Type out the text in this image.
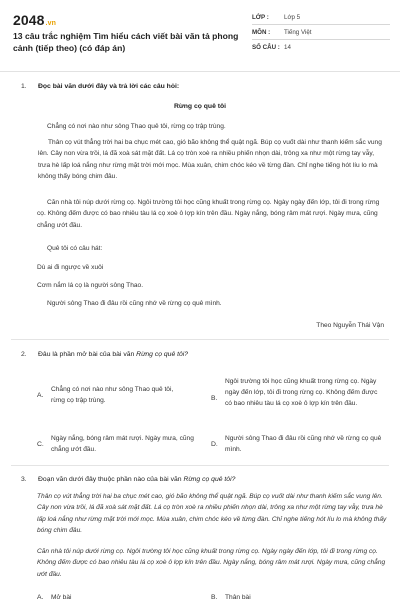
2048.vn
13 câu trắc nghiệm Tìm hiểu cách viết bài văn tả phong cảnh (tiếp theo) (có đáp án)
LỚP :	Lớp 5
MÔN :	Tiếng Việt
SỐ CÂU : 14
1. Đọc bài văn dưới đây và trả lời các câu hỏi:
Rừng cọ quê tôi
Chẳng có nơi nào như sông Thao quê tôi, rừng cọ trập trùng.
Thân cọ vút thẳng trời hai ba chục mét cao, gió bão không thể quật ngã. Búp cọ vuốt dài như thanh kiếm sắc vung lên. Cây non vừa trồi, lá đã xoà sát mặt đất. Lá cọ tròn xoè ra nhiều phiến nhọn dài, trông xa như một rừng tay vẫy, trưa hè lấp loá nắng như rừng mặt trời mới mọc. Mùa xuân, chim chóc kéo về từng đàn. Chỉ nghe tiếng hót líu lo mà không thấy bóng chim đâu.
Căn nhà tôi núp dưới rừng cọ. Ngôi trường tôi học cũng khuất trong rừng cọ. Ngày ngày đến lớp, tôi đi trong rừng cọ. Không đếm được có bao nhiêu tàu lá cọ xoè ô lợp kín trên đầu. Ngày nắng, bóng râm mát rượi. Ngày mưa, cũng chẳng ướt đầu.
Quê tôi có câu hát:
Dù ai đi ngược về xuôi
Cơm nắm lá cọ là người sông Thao.
Người sông Thao đi đâu rồi cũng nhớ về rừng cọ quê mình.
Theo Nguyễn Thái Vận
2. Đâu là phần mở bài của bài văn Rừng cọ quê tôi?
A.
Chẳng có nơi nào như sông Thao quê tôi, rừng cọ trập trùng.	B.
Ngôi trường tôi học cũng khuất trong rừng cọ. Ngày ngày đến lớp, tôi đi trong rừng cọ. Không đếm được có bao nhiêu tàu lá cọ xoè ô lợp kín trên đầu.
C.
Ngày nắng, bóng râm mát rượi. Ngày mưa, cũng chẳng ướt đầu.
D.
Người sông Thao đi đâu rồi cũng nhớ về rừng cọ quê mình.
3. Đoạn văn dưới đây thuộc phần nào của bài văn Rừng cọ quê tôi?
Thân cọ vút thẳng trời hai ba chục mét cao, gió bão không thể quật ngã. Búp cọ vuốt dài như thanh kiếm sắc vung lên. Cây non vừa trồi, lá đã xoà sát mặt đất. Lá cọ tròn xoè ra nhiều phiến nhọn dài, trông xa như một rừng tay vẫy, trưa hè lấp loá nắng như rừng mặt trời mới mọc. Mùa xuân, chim chóc kéo về từng đàn. Chỉ nghe tiếng hót líu lo mà không thấy bóng chim đâu.
Căn nhà tôi núp dưới rừng cọ. Ngôi trường tôi học cũng khuất trong rừng cọ. Ngày ngày đến lớp, tôi đi trong rừng cọ. Không đếm được có bao nhiêu tàu lá cọ xoè ô lợp kín trên đầu. Ngày nắng, bóng râm mát rượi. Ngày mưa, cũng chẳng ướt đầu.
A.	Mở bài	B.	Thân bài
